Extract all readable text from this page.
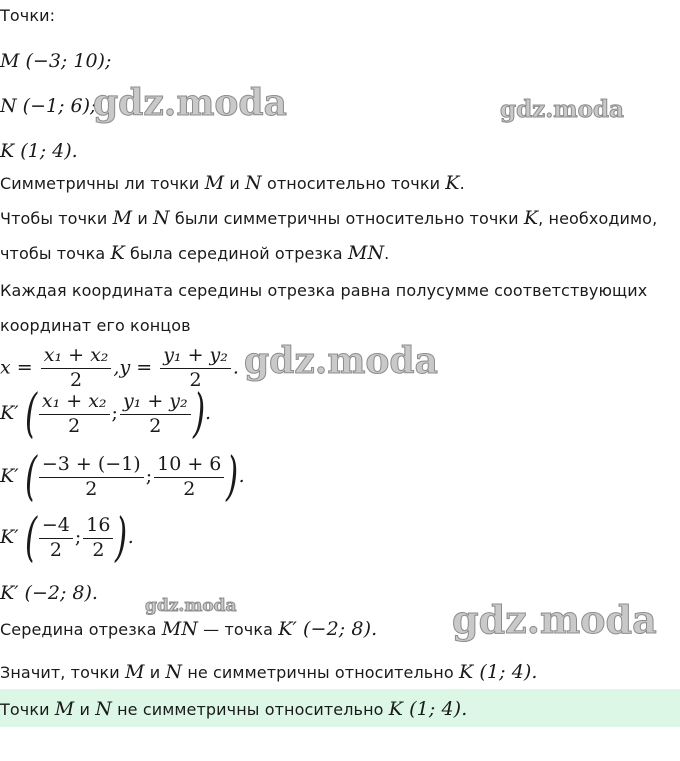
Точки:
M (−3; 10);
N (−1; 6);
K (1; 4).
Симметричны ли точки M и N относительно точки K.
Чтобы точки M и N были симметричны относительно точки K, необходимо,
чтобы точка K была серединой отрезка MN.
Каждая координата середины отрезка равна полусумме соответствующих
координат его концов
$x = \frac{\text{x₁ + x₂}}{2} ,y = \frac{\text{y₁ + y₂}}{2}$ .
K′ ( $\frac{\text{x₁ + x₂}}{2}$ ; $\frac{\text{y₁ + y₂}}{2}$ ).
K′ ( $\frac{-3 + (-1)}{2}$ ; $\frac{10 + 6}{2}$ ).
K′ ( $\frac{-4}{2}$ ; $\frac{16}{2}$ ).
K′ (−2; 8).
Середина отрезка MN — точка K′ (−2; 8).
Значит, точки M и N не симметричны относительно K (1; 4).
Точки M и N не симметричны относительно K (1; 4).
gdz.moda	gdz.moda
gdz.moda
gdz.moda	gdz.moda
